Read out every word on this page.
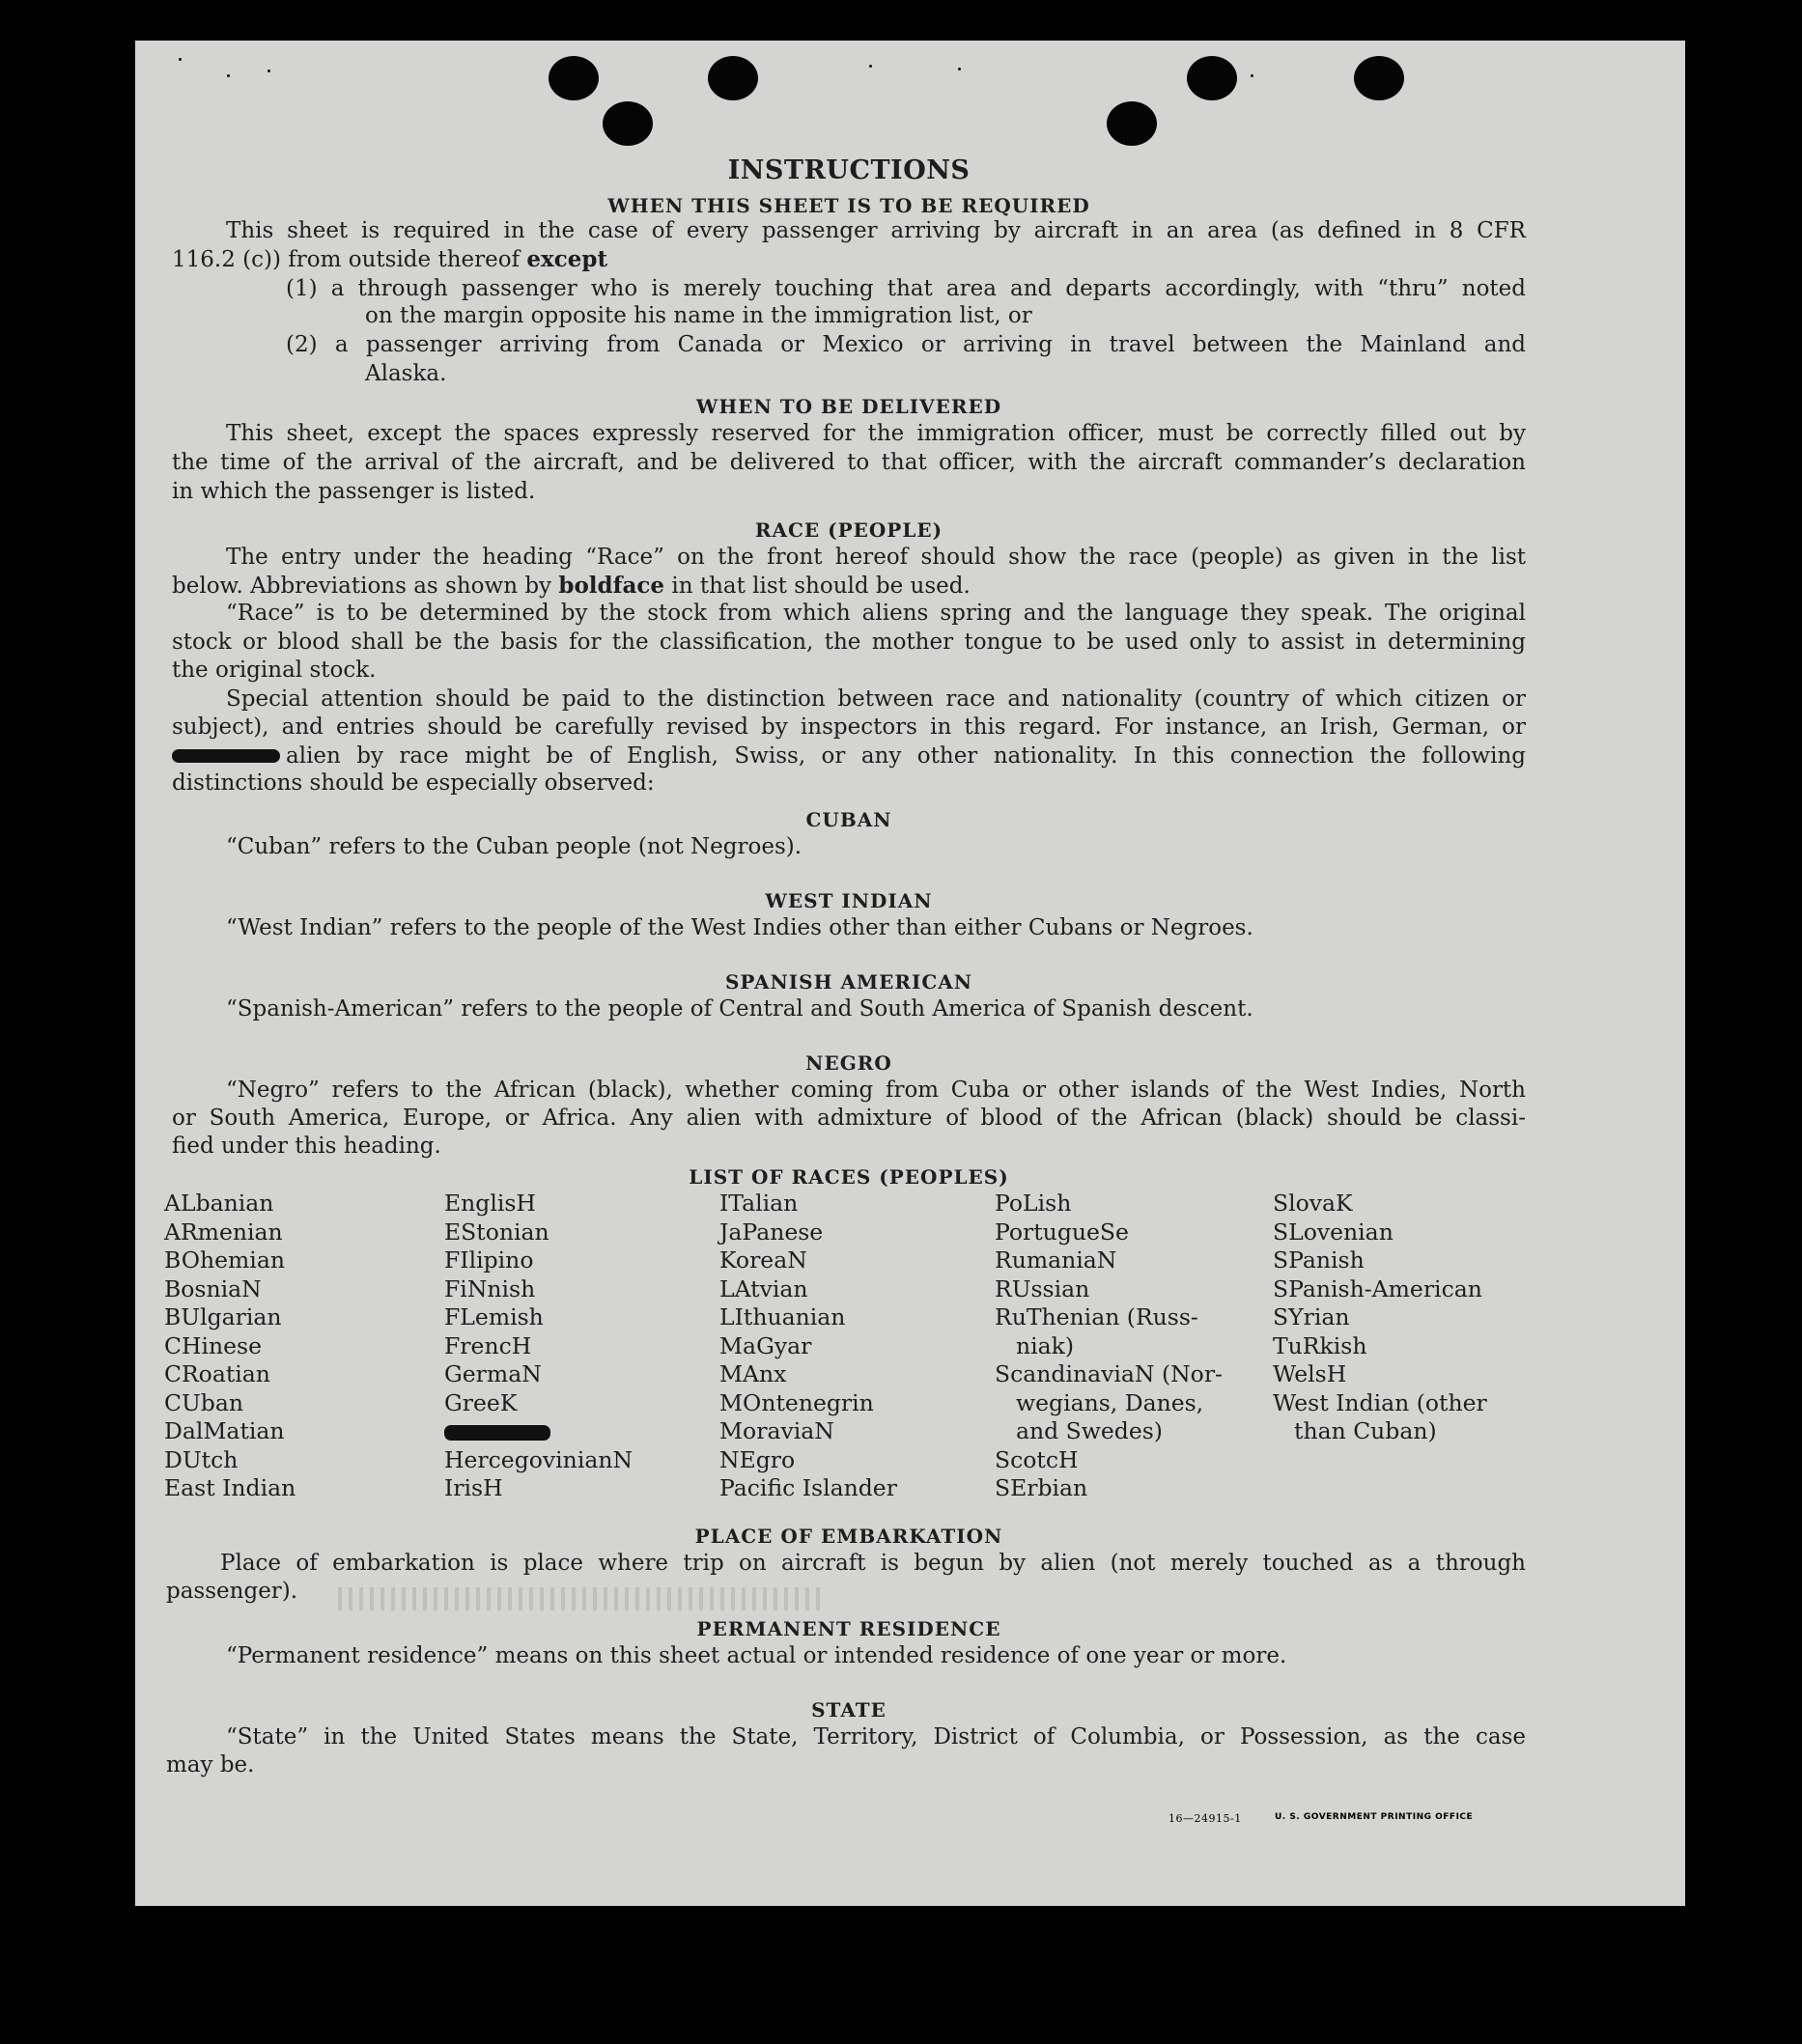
INSTRUCTIONS
WHEN THIS SHEET IS TO BE REQUIRED
This sheet is required in the case of every passenger arriving by aircraft in an area (as defined in 8 CFR
116.2 (c)) from outside thereof except
(1) a through passenger who is merely touching that area and departs accordingly, with “thru” noted
on the margin opposite his name in the immigration list, or
(2) a passenger arriving from Canada or Mexico or arriving in travel between the Mainland and
Alaska.
WHEN TO BE DELIVERED
This sheet, except the spaces expressly reserved for the immigration officer, must be correctly filled out by
the time of the arrival of the aircraft, and be delivered to that officer, with the aircraft commander’s declaration
in which the passenger is listed.
RACE (PEOPLE)
The entry under the heading “Race” on the front hereof should show the race (people) as given in the list
below. Abbreviations as shown by boldface in that list should be used.
“Race” is to be determined by the stock from which aliens spring and the language they speak. The original
stock or blood shall be the basis for the classification, the mother tongue to be used only to assist in determining
the original stock.
Special attention should be paid to the distinction between race and nationality (country of which citizen or
subject), and entries should be carefully revised by inspectors in this regard. For instance, an Irish, German, or
alien by race might be of English, Swiss, or any other nationality. In this connection the following
distinctions should be especially observed:
CUBAN
“Cuban” refers to the Cuban people (not Negroes).
WEST INDIAN
“West Indian” refers to the people of the West Indies other than either Cubans or Negroes.
SPANISH AMERICAN
“Spanish-American” refers to the people of Central and South America of Spanish descent.
NEGRO
“Negro” refers to the African (black), whether coming from Cuba or other islands of the West Indies, North
or South America, Europe, or Africa. Any alien with admixture of blood of the African (black) should be classi-
fied under this heading.
LIST OF RACES (PEOPLES)
ALbanian
ARmenian
BOhemian
BosniaN
BUlgarian
CHinese
CRoatian
CUban
DalMatian
DUtch
East Indian
EnglisH
EStonian
FIlipino
FiNnish
FLemish
FrencH
GermaN
GreeK
HercegovinianN
IrisH
ITalian
JaPanese
KoreaN
LAtvian
LIthuanian
MaGyar
MAnx
MOntenegrin
MoraviaN
NEgro
Pacific Islander
PoLish
PortugueSe
RumaniaN
RUssian
RuThenian (Russ-
niak)
ScandinaviaN (Nor-
wegians, Danes,
and Swedes)
ScotcH
SErbian
SlovaK
SLovenian
SPanish
SPanish-American
SYrian
TuRkish
WelsH
West Indian (other
than Cuban)
PLACE OF EMBARKATION
Place of embarkation is place where trip on aircraft is begun by alien (not merely touched as a through
passenger).
PERMANENT RESIDENCE
“Permanent residence” means on this sheet actual or intended residence of one year or more.
STATE
“State” in the United States means the State, Territory, District of Columbia, or Possession, as the case
may be.
16—24915-1	U. S. GOVERNMENT PRINTING OFFICE
